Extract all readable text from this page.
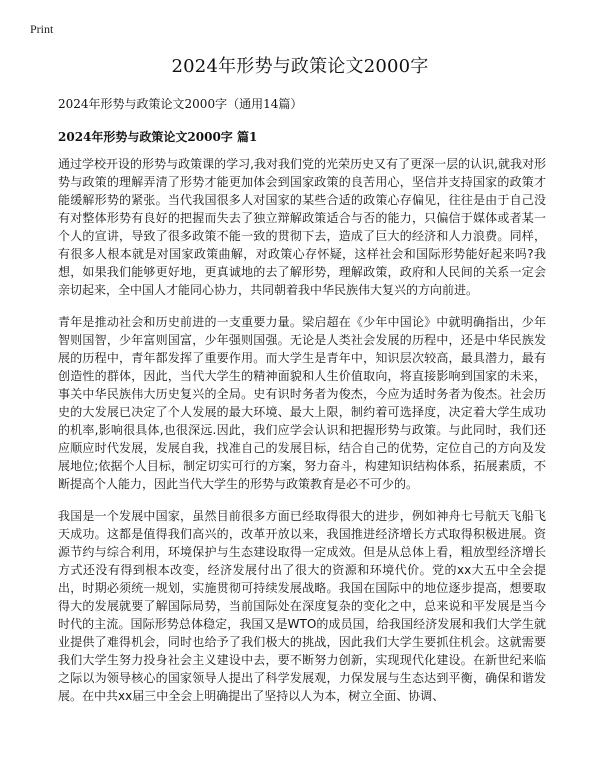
Print
2024年形势与政策论文2000字

2024年形势与政策论文2000字（通用14篇）

2024年形势与政策论文2000字 篇1

通过学校开设的形势与政策课的学习,我对我们党的光荣历史又有了更深一层的认识,就我对形势与政策的理解弄清了形势才能更加体会到国家政策的良苦用心，坚信并支持国家的政策才能缓解形势的紧张。当代我国很多人对国家的某些合适的政策心存偏见，往往是由于自己没有对整体形势有良好的把握而失去了独立辩解政策适合与否的能力，只偏信于媒体或者某一个人的宣讲，导致了很多政策不能一致的贯彻下去，造成了巨大的经济和人力浪费。同样，有很多人根本就是对国家政策曲解，对政策心存怀疑，这样社会和国际形势能好起来吗?我想，如果我们能够更好地，更真诚地的去了解形势，理解政策，政府和人民间的关系一定会亲切起来，全中国人才能同心协力，共同朝着我中华民族伟大复兴的方向前进。

青年是推动社会和历史前进的一支重要力量。梁启超在《少年中国论》中就明确指出，少年智则国智，少年富则国富，少年强则国强。无论是人类社会发展的历程中，还是中华民族发展的历程中，青年都发挥了重要作用。而大学生是青年中，知识层次较高，最具潜力，最有创造性的群体，因此，当代大学生的精神面貌和人生价值取向，将直接影响到国家的未来，事关中华民族伟大历史复兴的全局。史有识时务者为俊杰，今应为适时务者为俊杰。社会历史的大发展已决定了个人发展的最大环境、最大上限，制约着可选择度，决定着大学生成功的机率,影响很具体,也很深远.因此，我们应学会认识和把握形势与政策。与此同时，我们还应顺应时代发展，发展自我，找准自己的发展目标，结合自己的优势，定位自己的方向及发展地位;依据个人目标，制定切实可行的方案，努力奋斗，构建知识结构体系，拓展素质，不断提高个人能力，因此当代大学生的形势与政策教育是必不可少的。

我国是一个发展中国家，虽然目前很多方面已经取得很大的进步，例如神舟七号航天飞船飞天成功。这都是值得我们高兴的，改革开放以来，我国推进经济增长方式取得积极进展。资源节约与综合利用，环境保护与生态建设取得一定成效。但是从总体上看，粗放型经济增长方式还没有得到根本改变，经济发展付出了很大的资源和环境代价。党的xx大五中全会提出，时期必须统一规划，实施贯彻可持续发展战略。我国在国际中的地位逐步提高，想要取得大的发展就要了解国际局势，当前国际处在深度复杂的变化之中，总来说和平发展是当今时代的主流。国际形势总体稳定，我国又是WTO的成员国，给我国经济发展和我们大学生就业提供了难得机会，同时也给予了我们极大的挑战，因此我们大学生要抓住机会。这就需要我们大学生努力投身社会主义建设中去，要不断努力创新，实现现代化建设。在新世纪来临之际以为领导核心的国家领导人提出了科学发展观，力保发展与生态达到平衡，确保和谐发展。在中共xx届三中全会上明确提出了坚持以人为本，树立全面、协调、
